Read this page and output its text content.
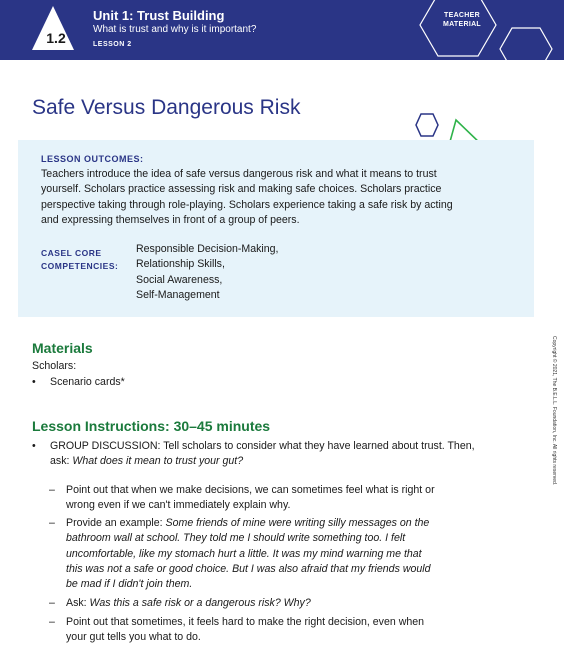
1.2
Unit 1: Trust Building
What is trust and why is it important?
LESSON 2
TEACHER
MATERIAL
Safe Versus Dangerous Risk
LESSON OUTCOMES:
Teachers introduce the idea of safe versus dangerous risk and what it means to trust
yourself. Scholars practice assessing risk and making safe choices. Scholars practice
perspective taking through role-playing. Scholars experience taking a safe risk by acting
and expressing themselves in front of a group of peers.
CASEL CORE
COMPETENCIES:
Responsible Decision-Making,
Relationship Skills,
Social Awareness,
Self-Management
Materials
Scholars:
• Scenario cards*
Lesson Instructions: 30–45 minutes
• GROUP DISCUSSION: Tell scholars to consider what they have learned about trust. Then,
ask: What does it mean to trust your gut?
– Point out that when we make decisions, we can sometimes feel what is right or
wrong even if we can't immediately explain why.
– Provide an example: Some friends of mine were writing silly messages on the
bathroom wall at school. They told me I should write something too. I felt
uncomfortable, like my stomach hurt a little. It was my mind warning me that
this was not a safe or good choice. But I was also afraid that my friends would
be mad if I didn't join them.
– Ask: Was this a safe risk or a dangerous risk? Why?
– Point out that sometimes, it feels hard to make the right decision, even when
your gut tells you what to do.
Copyright © 2021, The B.E.L.L. Foundation, Inc. All rights reserved.
